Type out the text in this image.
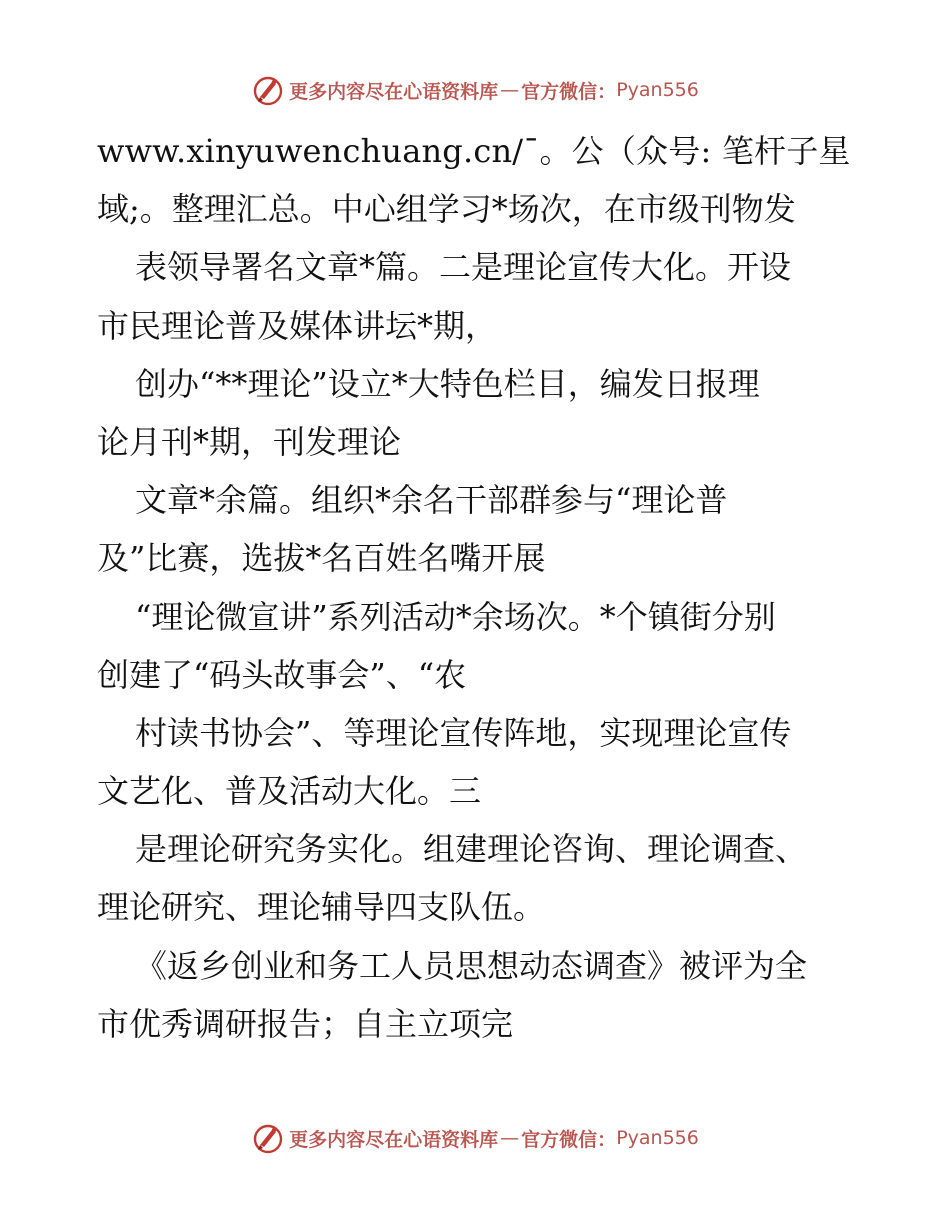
更多内容尽在心语资料库 — 官方微信： Pyan556
www.xinyuwenchuang.cn/¯。公（众号: 笔杆子星
域;。整理汇总。中心组学习*场次，在市级刊物发
表领导署名文章*篇。二是理论宣传大化。开设
市民理论普及媒体讲坛*期，
创办“**理论”设立*大特色栏目，编发日报理
论月刊*期，刊发理论
文章*余篇。组织*余名干部群参与“理论普
及”比赛，选拔*名百姓名嘴开展
“理论微宣讲”系列活动*余场次。*个镇街分别
创建了“码头故事会”、“农
村读书协会”、等理论宣传阵地，实现理论宣传
文艺化、普及活动大化。三
是理论研究务实化。组建理论咨询、理论调查、
理论研究、理论辅导四支队伍。
《返乡创业和务工人员思想动态调查》被评为全
市优秀调研报告；自主立项完
更多内容尽在心语资料库 — 官方微信： Pyan556
